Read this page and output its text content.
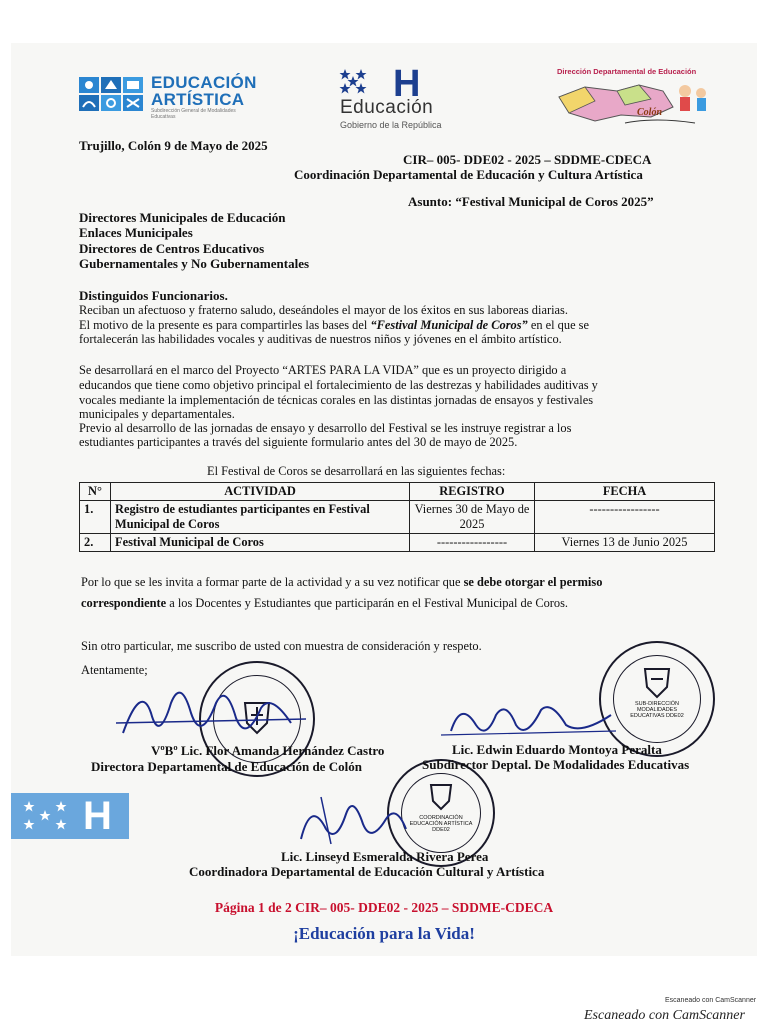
EDUCACIÓN
ARTÍSTICA
Subdirección General de Modalidades Educativas
H
Educación
Gobierno de la República
Dirección Departamental de Educación
Colón
Trujillo, Colón 9 de Mayo de 2025
CIR– 005- DDE02 - 2025 – SDDME-CDECA
Coordinación Departamental de Educación y Cultura Artística
Asunto: “Festival Municipal de Coros 2025”
Directores Municipales de Educación
Enlaces Municipales
Directores de Centros Educativos
Gubernamentales y No Gubernamentales
Distinguidos Funcionarios.
Reciban un afectuoso y fraterno saludo, deseándoles el mayor de los éxitos en sus laboreas diarias.
El motivo de la presente es para compartirles las bases del “Festival Municipal de Coros” en el que se
fortalecerán las habilidades vocales y auditivas de nuestros niños y jóvenes en el ámbito artístico.
Se desarrollará en el marco del Proyecto “ARTES PARA LA VIDA” que es un proyecto dirigido a
educandos que tiene como objetivo principal el fortalecimiento de las destrezas y habilidades auditivas y
vocales mediante la implementación de técnicas corales en las distintas jornadas de ensayos y festivales
municipales y departamentales.
Previo al desarrollo de las jornadas de ensayo y desarrollo del Festival se les instruye registrar a los
estudiantes participantes a través del siguiente formulario antes del 30 de mayo de 2025.
El Festival de Coros se desarrollará en las siguientes fechas:
N°	ACTIVIDAD	REGISTRO	FECHA
1.	Registro de estudiantes participantes en Festival Municipal de Coros	Viernes 30 de Mayo de 2025	-----------------
2.	Festival Municipal de Coros	-----------------	Viernes 13 de Junio 2025
Por lo que se les invita a formar parte de la actividad y a su vez notificar que se debe otorgar el permiso
correspondiente a los Docentes y Estudiantes que participarán en el Festival Municipal de Coros.
Sin otro particular, me suscribo de usted con muestra de consideración y respeto.
Atentamente;
SUB-DIRECCIÓN MODALIDADES EDUCATIVAS DDE02
COORDINACIÓN EDUCACIÓN ARTÍSTICA DDE02
VºBº Lic. Flor Amanda Hernández Castro
Directora Departamental de Educación de Colón
Lic. Edwin Eduardo Montoya Peralta
Subdirector Deptal. De Modalidades Educativas
Lic. Linseyd Esmeralda Rivera Perea
Coordinadora Departamental de Educación Cultural y Artística
H
Página 1 de 2 CIR– 005- DDE02 - 2025 – SDDME-CDECA
¡Educación para la Vida!
Escaneado con CamScanner
Escaneado con CamScanner
